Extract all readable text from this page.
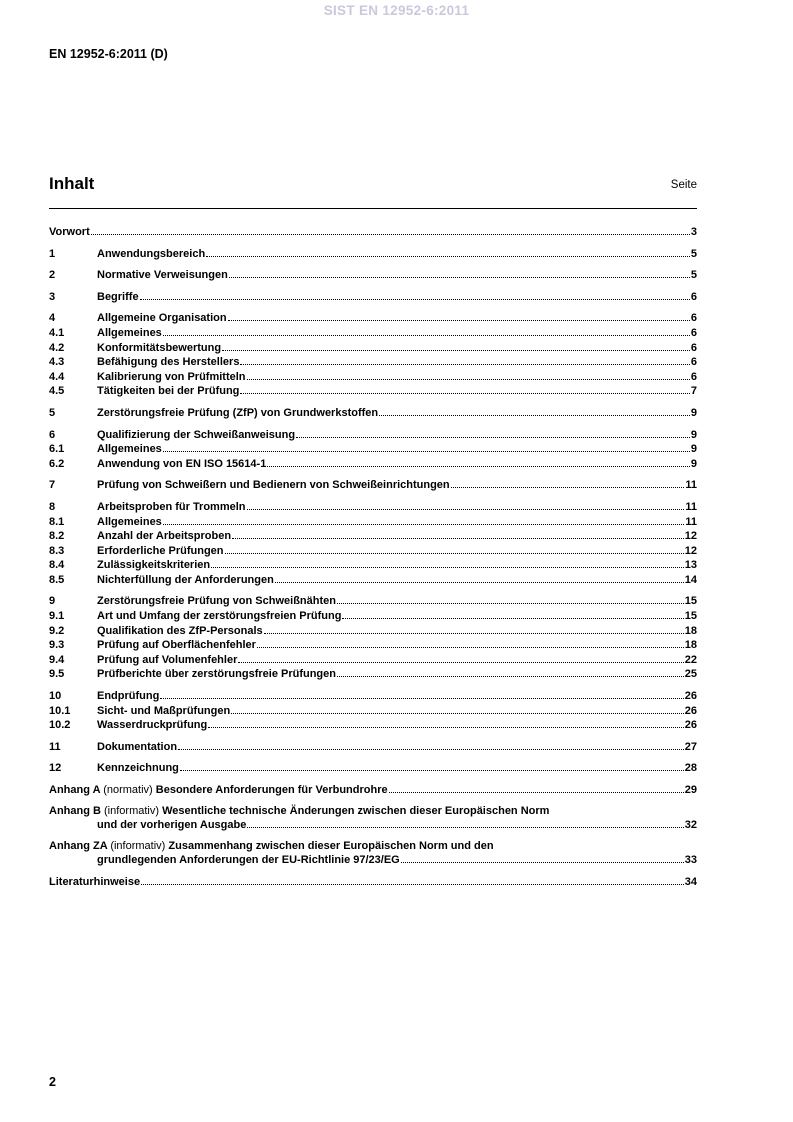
SIST EN 12952-6:2011
EN 12952-6:2011 (D)
Inhalt	Seite
Vorwort	3
1	Anwendungsbereich	5
2	Normative Verweisungen	5
3	Begriffe	6
4	Allgemeine Organisation	6
4.1	Allgemeines	6
4.2	Konformitätsbewertung	6
4.3	Befähigung des Herstellers	6
4.4	Kalibrierung von Prüfmitteln	6
4.5	Tätigkeiten bei der Prüfung	7
5	Zerstörungsfreie Prüfung (ZfP) von Grundwerkstoffen	9
6	Qualifizierung der Schweißanweisung	9
6.1	Allgemeines	9
6.2	Anwendung von EN ISO 15614-1	9
7	Prüfung von Schweißern und Bedienern von Schweißeinrichtungen	11
8	Arbeitsproben für Trommeln	11
8.1	Allgemeines	11
8.2	Anzahl der Arbeitsproben	12
8.3	Erforderliche Prüfungen	12
8.4	Zulässigkeitskriterien	13
8.5	Nichterfüllung der Anforderungen	14
9	Zerstörungsfreie Prüfung von Schweißnähten	15
9.1	Art und Umfang der zerstörungsfreien Prüfung	15
9.2	Qualifikation des ZfP-Personals	18
9.3	Prüfung auf Oberflächenfehler	18
9.4	Prüfung auf Volumenfehler	22
9.5	Prüfberichte über zerstörungsfreie Prüfungen	25
10	Endprüfung	26
10.1	Sicht- und Maßprüfungen	26
10.2	Wasserdruckprüfung	26
11	Dokumentation	27
12	Kennzeichnung	28
Anhang A (normativ) Besondere Anforderungen für Verbundrohre	29
Anhang B (informativ) Wesentliche technische Änderungen zwischen dieser Europäischen Norm
und der vorherigen Ausgabe	32
Anhang ZA (informativ) Zusammenhang zwischen dieser Europäischen Norm und den
grundlegenden Anforderungen der EU-Richtlinie 97/23/EG	33
Literaturhinweise	34
2
